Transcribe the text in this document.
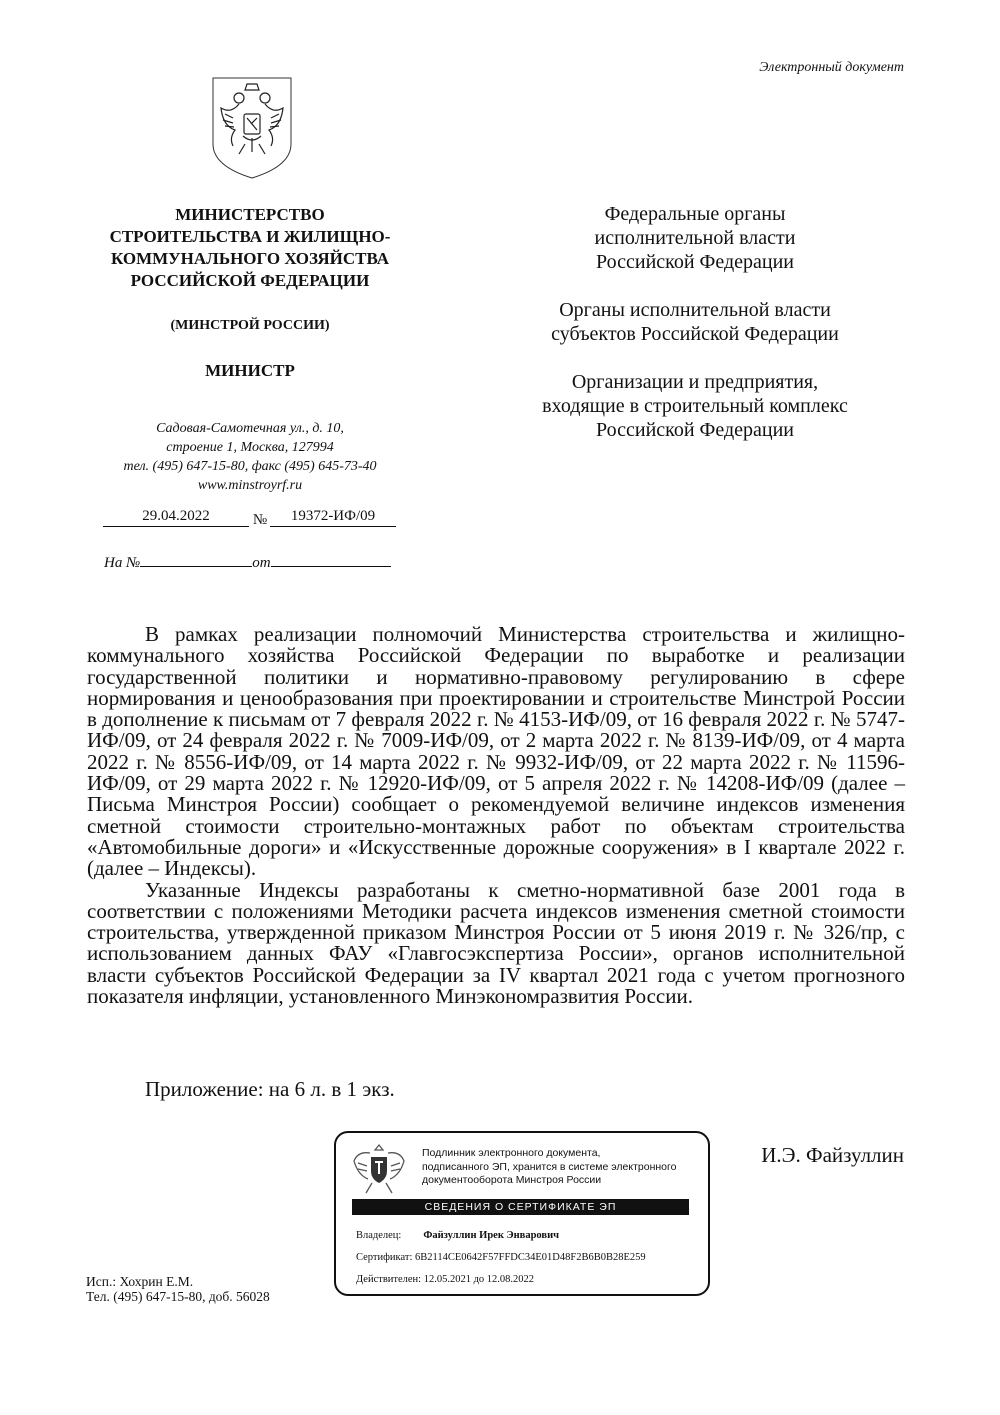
Электронный документ
МИНИСТЕРСТВО
СТРОИТЕЛЬСТВА И ЖИЛИЩНО-
КОММУНАЛЬНОГО ХОЗЯЙСТВА
РОССИЙСКОЙ ФЕДЕРАЦИИ
(МИНСТРОЙ РОССИИ)
МИНИСТР
Садовая-Самотечная ул., д. 10,
строение 1, Москва, 127994
тел. (495) 647-15-80, факс (495) 645-73-40
www.minstroyrf.ru
29.04.2022	№	19372-ИФ/09
На №	от

Федеральные органы
исполнительной власти
Российской Федерации

Органы исполнительной власти
субъектов Российской Федерации

Организации и предприятия,
входящие в строительный комплекс
Российской Федерации

В рамках реализации полномочий Министерства строительства и жилищно-коммунального хозяйства Российской Федерации по выработке и реализации государственной политики и нормативно-правовому регулированию в сфере нормирования и ценообразования при проектировании и строительстве Минстрой России в дополнение к письмам от 7 февраля 2022 г. № 4153-ИФ/09, от 16 февраля 2022 г. № 5747-ИФ/09, от 24 февраля 2022 г. № 7009-ИФ/09, от 2 марта 2022 г. № 8139-ИФ/09, от 4 марта 2022 г. № 8556-ИФ/09, от 14 марта 2022 г. № 9932-ИФ/09, от 22 марта 2022 г. № 11596-ИФ/09, от 29 марта 2022 г. № 12920-ИФ/09, от 5 апреля 2022 г. № 14208-ИФ/09 (далее – Письма Минстроя России) сообщает о рекомендуемой величине индексов изменения сметной стоимости строительно-монтажных работ по объектам строительства «Автомобильные дороги» и «Искусственные дорожные сооружения» в I квартале 2022 г. (далее – Индексы).

Указанные Индексы разработаны к сметно-нормативной базе 2001 года в соответствии с положениями Методики расчета индексов изменения сметной стоимости строительства, утвержденной приказом Минстроя России от 5 июня 2019 г. № 326/пр, с использованием данных ФАУ «Главгосэкспертиза России», органов исполнительной власти субъектов Российской Федерации за IV квартал 2021 года с учетом прогнозного показателя инфляции, установленного Минэкономразвития России.

Приложение: на 6 л. в 1 экз.
Подлинник электронного документа,
подписанного ЭП, хранится в системе электронного
документооборота Минстроя России
СВЕДЕНИЯ О СЕРТИФИКАТЕ ЭП
Владелец: Файзуллин Ирек Энварович
Сертификат: 6B2114CE0642F57FFDC34E01D48F2B6B0B28E259
Действителен: 12.05.2021 до 12.08.2022
И.Э. Файзуллин
Исп.: Хохрин Е.М.
Тел. (495) 647-15-80, доб. 56028
